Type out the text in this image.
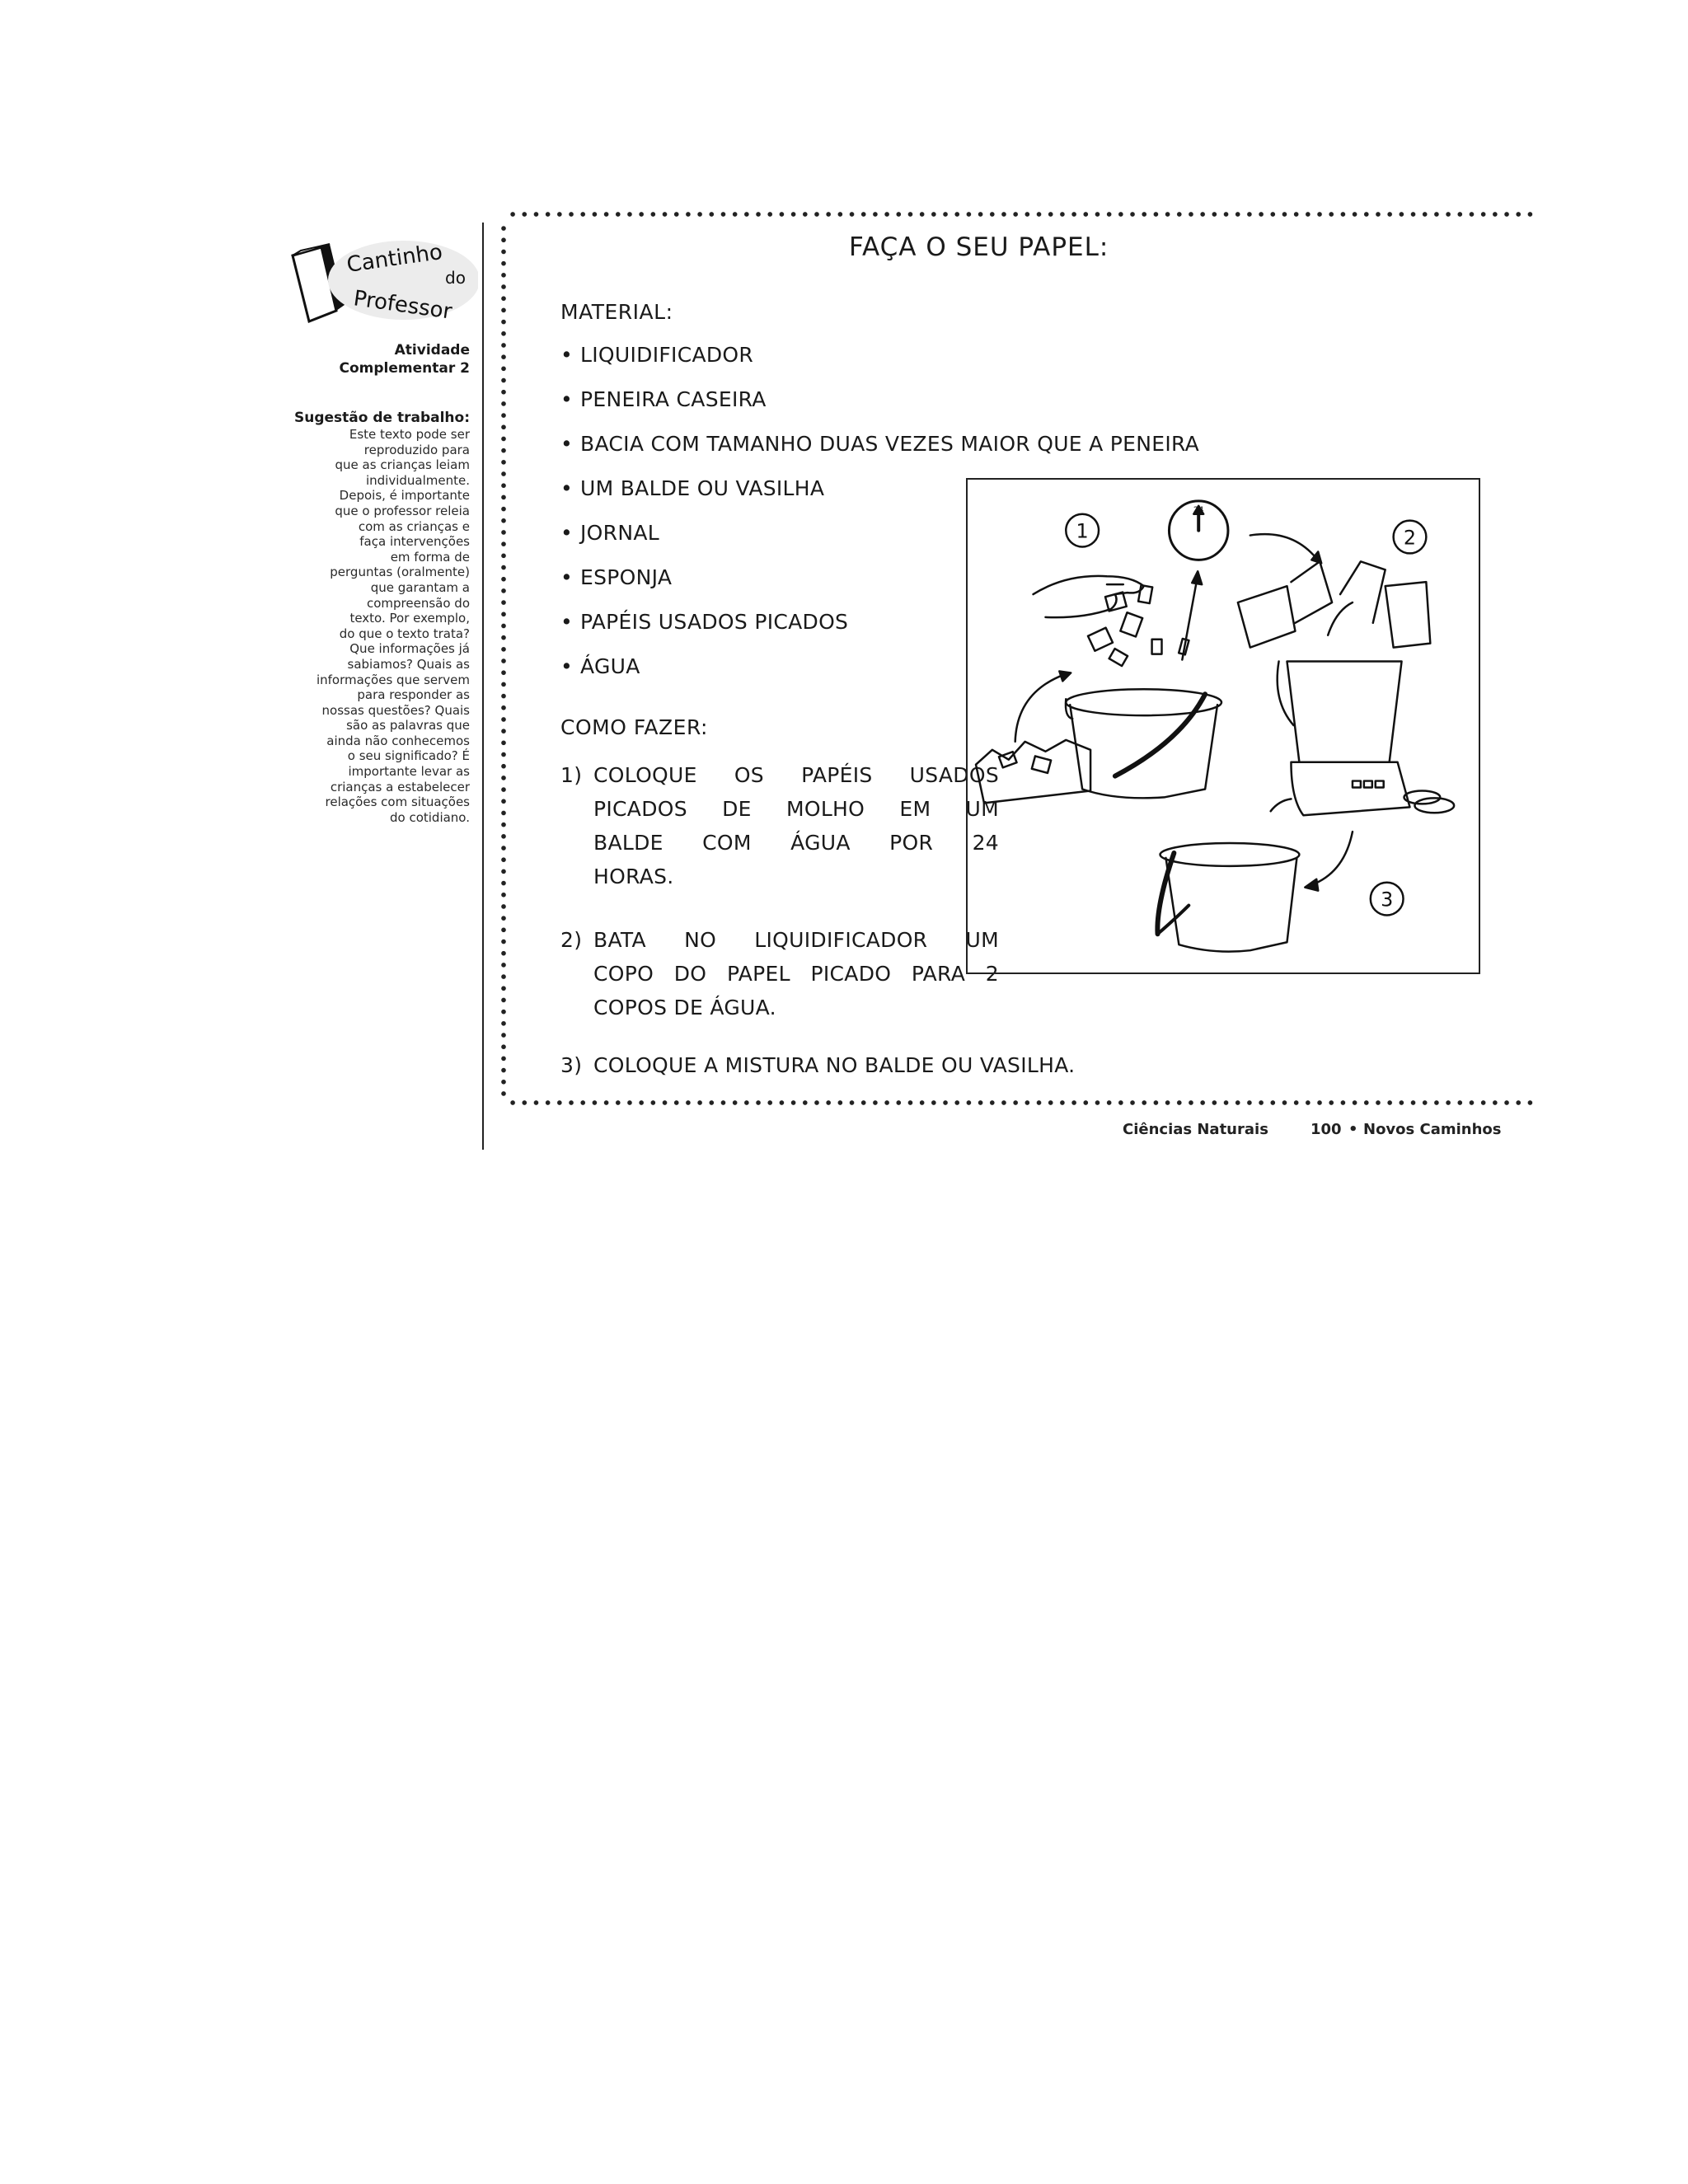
Cantinho
do
Professor
Atividade
Complementar 2
Sugestão de trabalho:
Este texto pode ser
reproduzido para
que as crianças leiam
individualmente.
Depois, é importante
que o professor releia
com as crianças e
faça intervenções
em forma de
perguntas (oralmente)
que garantam a
compreensão do
texto. Por exemplo,
do que o texto trata?
Que informações já
sabiamos? Quais as
informações que servem
para responder as
nossas questões? Quais
são as palavras que
ainda não conhecemos
o seu significado? É
importante levar as
crianças a estabelecer
relações com situações
do cotidiano.
FAÇA O SEU PAPEL:
MATERIAL:
• LIQUIDIFICADOR
• PENEIRA CASEIRA
• BACIA COM TAMANHO DUAS VEZES MAIOR QUE A PENEIRA
• UM BALDE OU VASILHA
• JORNAL
• ESPONJA
• PAPÉIS USADOS PICADOS
• ÁGUA
COMO FAZER:
1) COLOQUE OS PAPÉIS USADOS
PICADOS DE MOLHO EM UM
BALDE COM ÁGUA POR 24
HORAS.
2) BATA NO LIQUIDIFICADOR UM
COPO DO PAPEL PICADO PARA 2
COPOS DE ÁGUA.
3) COLOQUE A MISTURA NO BALDE OU VASILHA.
1	2
3
24
Ciências Naturais	100 • Novos Caminhos
